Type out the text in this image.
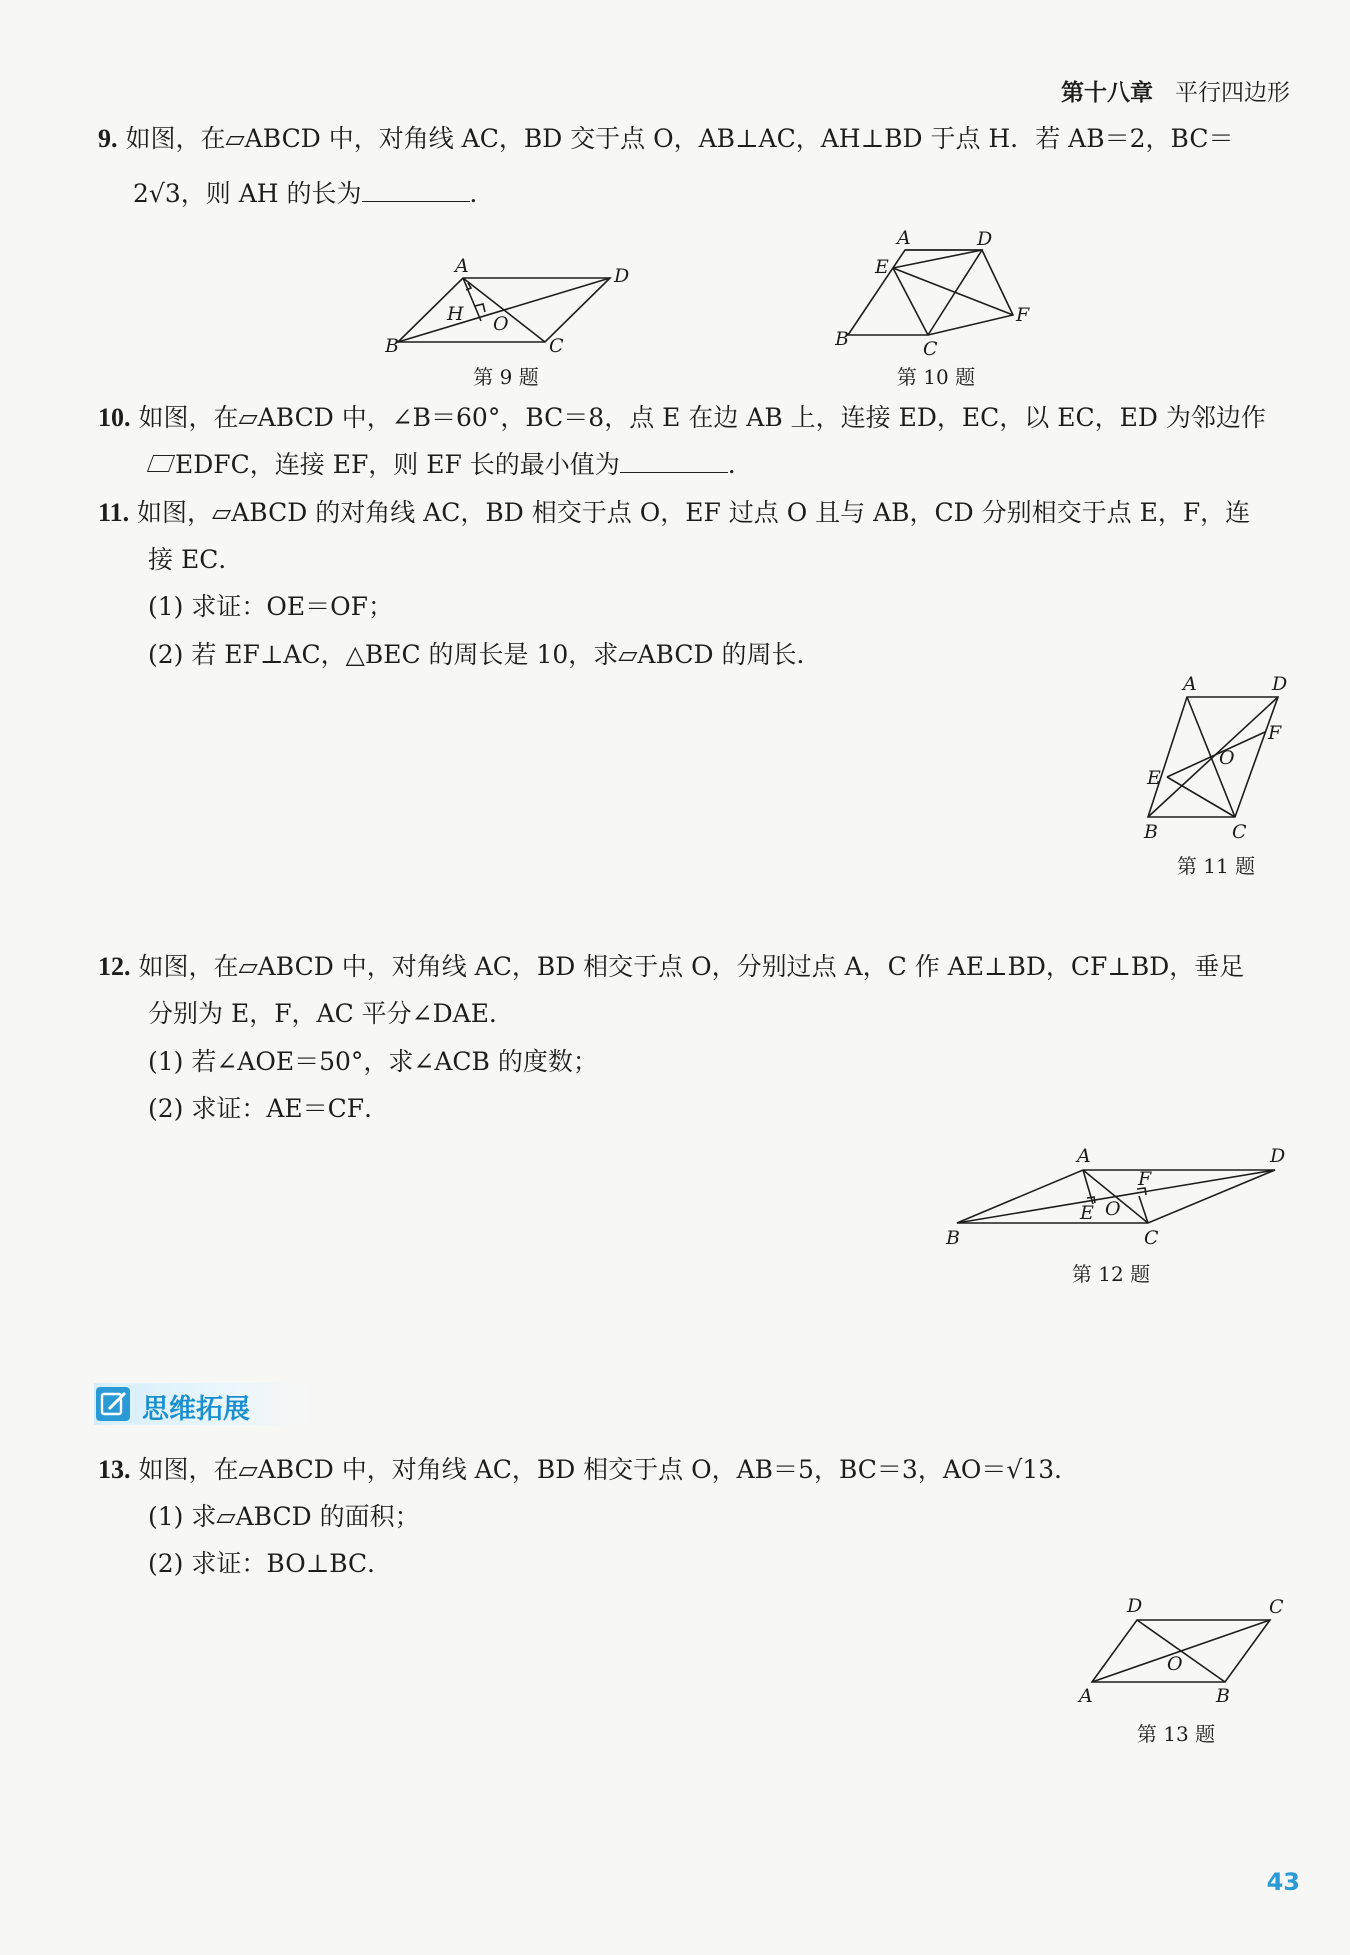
第十八章 平行四边形
9. 如图，在▱ABCD 中，对角线 AC，BD 交于点 O，AB⊥AC，AH⊥BD 于点 H．若 AB＝2，BC＝
2√3，则 AH 的长为	．
A	D
H O
B	C
第 9 题
A	D
E
F
B	C
第 10 题
10. 如图，在▱ABCD 中，∠B＝60°，BC＝8，点 E 在边 AB 上，连接 ED，EC，以 EC，ED 为邻边作
EDFC，连接 EF，则 EF 长的最小值为	．
11. 如图，▱ABCD 的对角线 AC，BD 相交于点 O，EF 过点 O 且与 AB，CD 分别相交于点 E，F，连
接 EC．
(1) 求证：OE＝OF；
(2) 若 EF⊥AC，△BEC 的周长是 10，求▱ABCD 的周长．
A	D
F
O
E
B	C
第 11 题
12. 如图，在▱ABCD 中，对角线 AC，BD 相交于点 O，分别过点 A，C 作 AE⊥BD，CF⊥BD，垂足
分别为 E，F，AC 平分∠DAE．
(1) 若∠AOE＝50°，求∠ACB 的度数；
(2) 求证：AE＝CF．
A	D
F
E O
B	C
第 12 题
思维拓展
13. 如图，在▱ABCD 中，对角线 AC，BD 相交于点 O，AB＝5，BC＝3，AO＝√13．
(1) 求▱ABCD 的面积；
(2) 求证：BO⊥BC．
D	C
O
A	B
第 13 题
43
